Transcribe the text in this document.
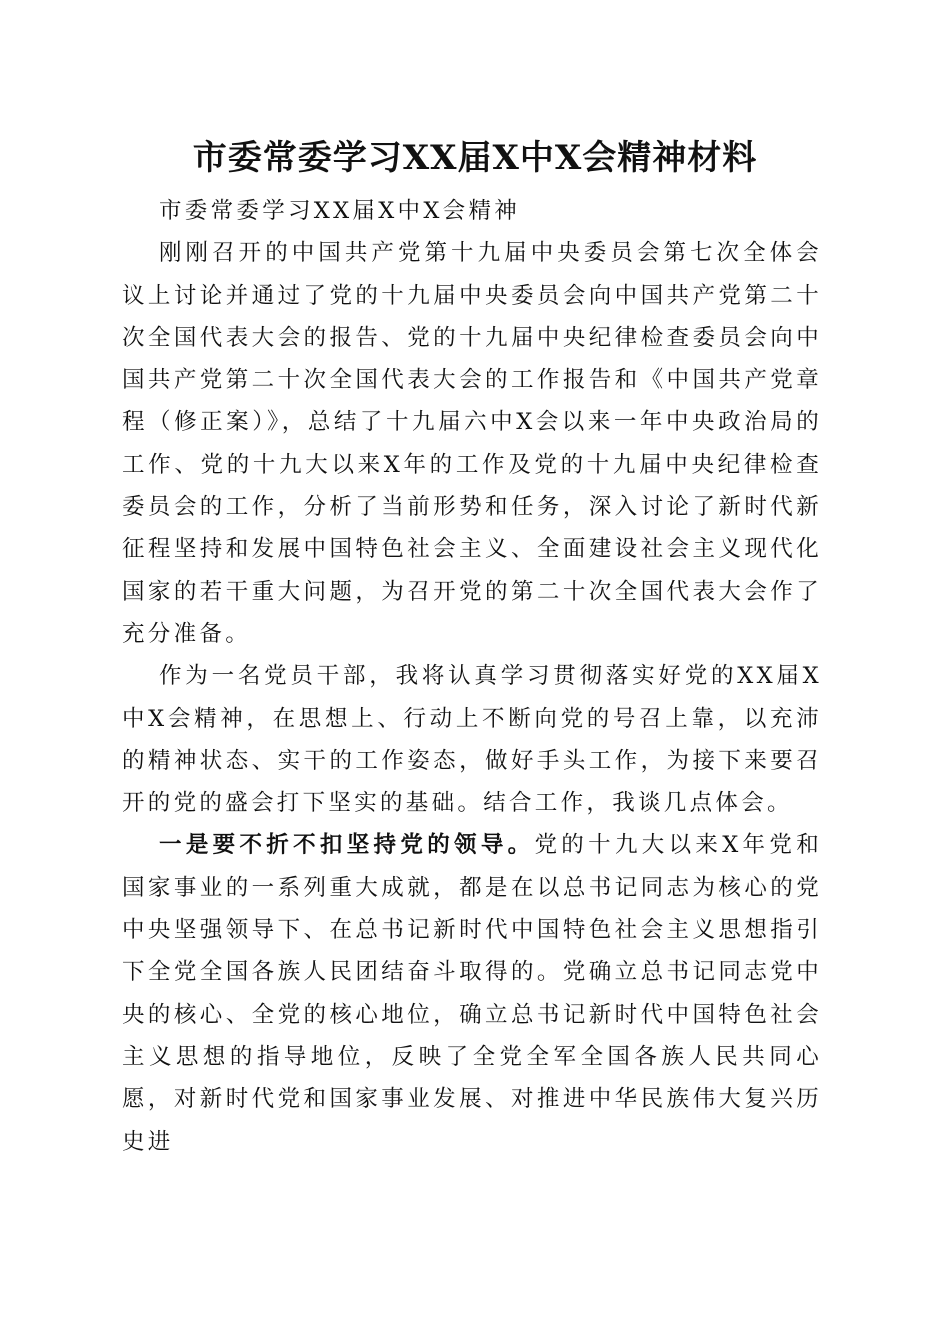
市委常委学习XX届X中X会精神材料

市委常委学习XX届X中X会精神

刚刚召开的中国共产党第十九届中央委员会第七次全体会议上讨论并通过了党的十九届中央委员会向中国共产党第二十次全国代表大会的报告、党的十九届中央纪律检查委员会向中国共产党第二十次全国代表大会的工作报告和《中国共产党章程（修正案）》，总结了十九届六中X会以来一年中央政治局的工作、党的十九大以来X年的工作及党的十九届中央纪律检查委员会的工作，分析了当前形势和任务，深入讨论了新时代新征程坚持和发展中国特色社会主义、全面建设社会主义现代化国家的若干重大问题，为召开党的第二十次全国代表大会作了充分准备。

作为一名党员干部，我将认真学习贯彻落实好党的XX届X中X会精神，在思想上、行动上不断向党的号召上靠，以充沛的精神状态、实干的工作姿态，做好手头工作，为接下来要召开的党的盛会打下坚实的基础。结合工作，我谈几点体会。

一是要不折不扣坚持党的领导。党的十九大以来X年党和国家事业的一系列重大成就，都是在以总书记同志为核心的党中央坚强领导下、在总书记新时代中国特色社会主义思想指引下全党全国各族人民团结奋斗取得的。党确立总书记同志党中央的核心、全党的核心地位，确立总书记新时代中国特色社会主义思想的指导地位，反映了全党全军全国各族人民共同心愿，对新时代党和国家事业发展、对推进中华民族伟大复兴历史进
